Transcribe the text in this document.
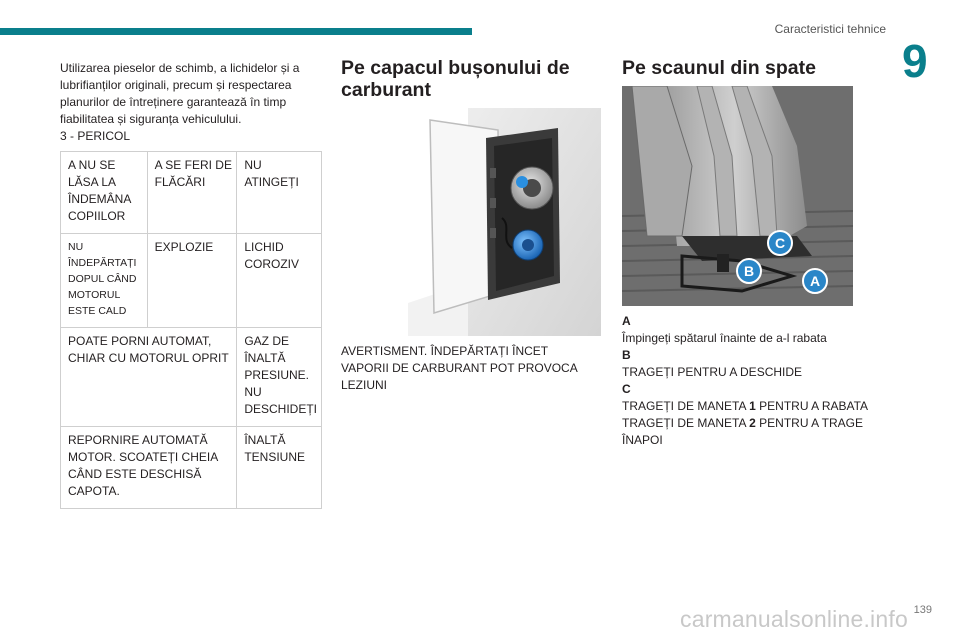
Caracteristici tehnice
9

Utilizarea pieselor de schimb, a lichidelor și a lubrifianților originali, precum și respectarea planurilor de întreținere garantează în timp fiabilitatea și siguranța vehiculului.

3 - PERICOL

A NU SE LĂSA LA ÎNDEMÂNA COPIILOR	A SE FERI DE FLĂCĂRI	NU ATINGEȚI
NU ÎNDEPĂRTAȚI DOPUL CÂND MOTORUL ESTE CALD	EXPLOZIE	LICHID COROZIV
POATE PORNI AUTOMAT, CHIAR CU MOTORUL OPRIT		GAZ DE ÎNALTĂ PRESIUNE. NU DESCHIDEȚI
REPORNIRE AUTOMATĂ MOTOR. SCOATEȚI CHEIA CÂND ESTE DESCHISĂ CAPOTA.		ÎNALTĂ TENSIUNE
Pe capacul bușonului de carburant
AVERTISMENT. ÎNDEPĂRTAȚI ÎNCET VAPORII DE CARBURANT POT PROVOCA LEZIUNI
Pe scaunul din spate
C
B
A
A
Împingeți spătarul înainte de a-l rabata
B
TRAGEȚI PENTRU A DESCHIDE
C
TRAGEȚI DE MANETA 1 PENTRU A RABATA
TRAGEȚI DE MANETA 2 PENTRU A TRAGE ÎNAPOI
carmanualsonline.info 139
